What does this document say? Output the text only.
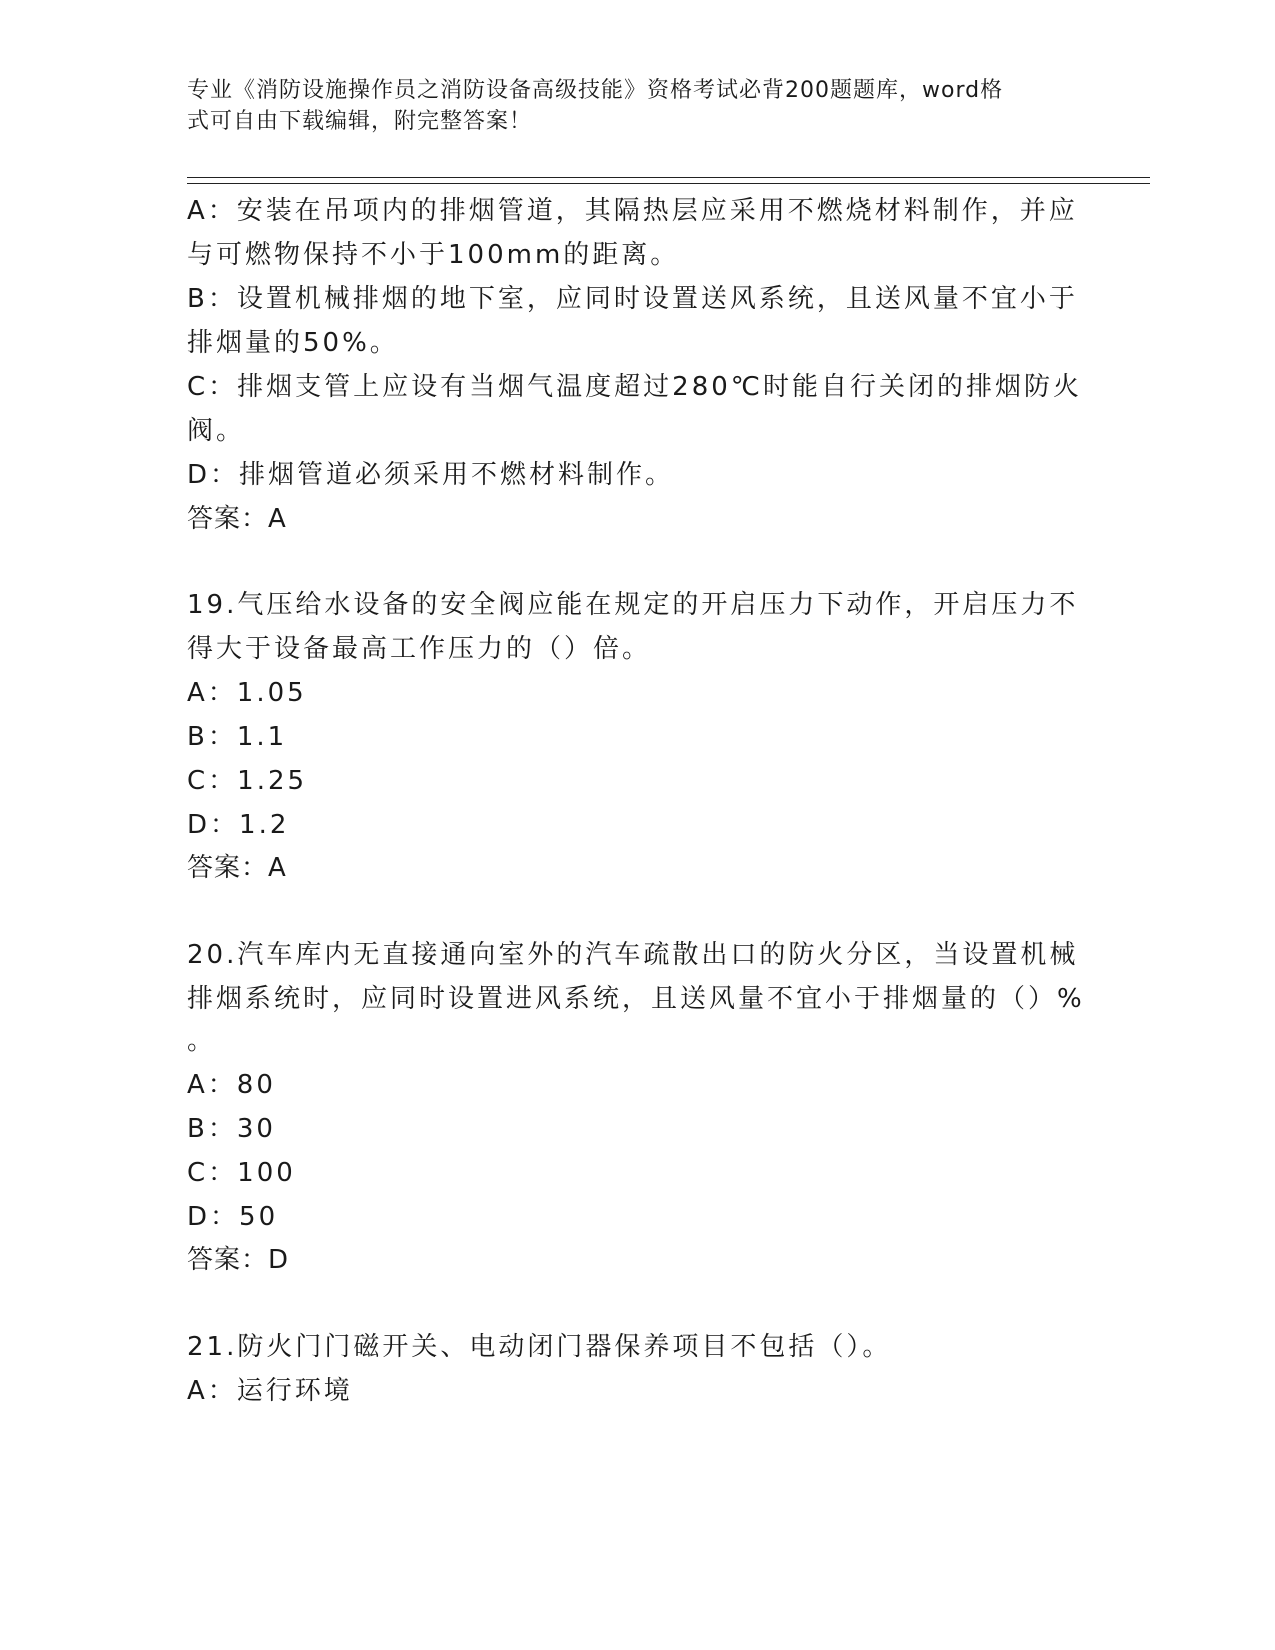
专业《消防设施操作员之消防设备高级技能》资格考试必背200题题库，word格
式可自由下载编辑，附完整答案！
A：安装在吊项内的排烟管道，其隔热层应采用不燃烧材料制作，并应
与可燃物保持不小于100mm的距离。
B：设置机械排烟的地下室，应同时设置送风系统，且送风量不宜小于
排烟量的50%。
C：排烟支管上应设有当烟气温度超过280℃时能自行关闭的排烟防火
阀。
D：排烟管道必须采用不燃材料制作。
答案：A
19.气压给水设备的安全阀应能在规定的开启压力下动作，开启压力不
得大于设备最高工作压力的（）倍。
A：1.05
B：1.1
C：1.25
D：1.2
答案：A
20.汽车库内无直接通向室外的汽车疏散出口的防火分区，当设置机械
排烟系统时，应同时设置进风系统，且送风量不宜小于排烟量的（）%
。
A：80
B：30
C：100
D：50
答案：D
21.防火门门磁开关、电动闭门器保养项目不包括（）。
A：运行环境
